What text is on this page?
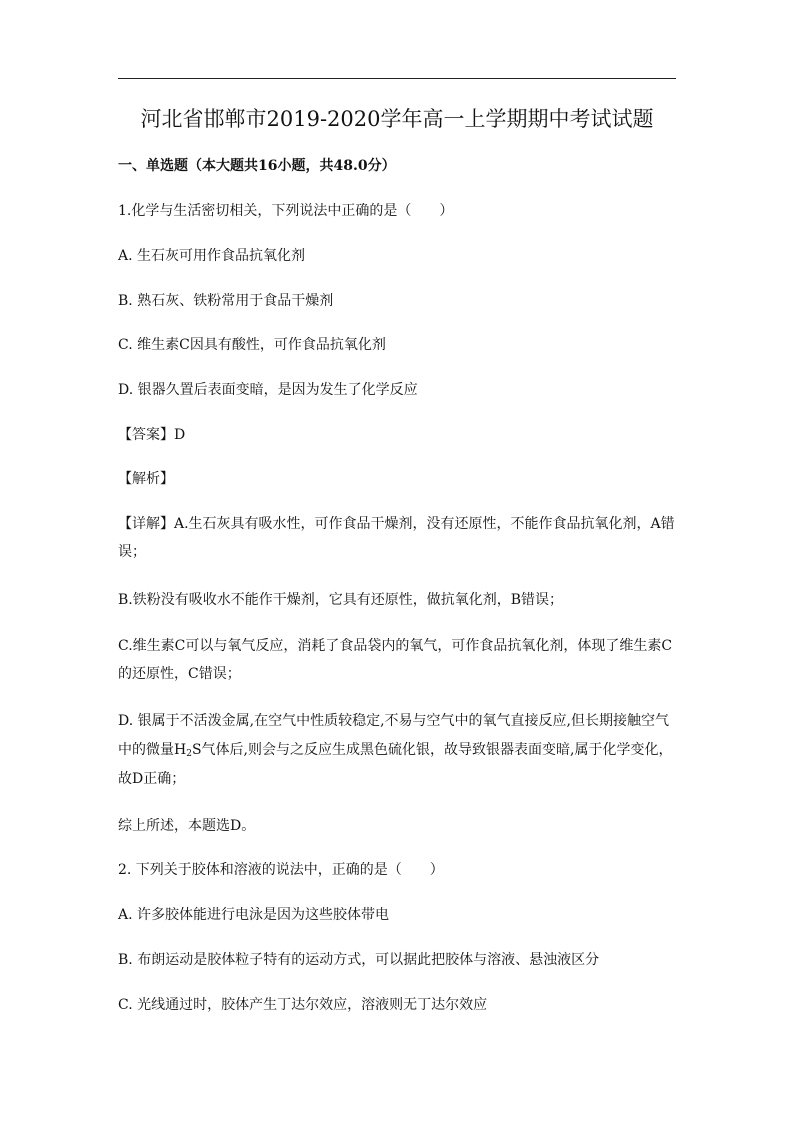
河北省邯郸市2019-2020学年高一上学期期中考试试题
一、单选题（本大题共16小题，共48.0分）
1.化学与生活密切相关，下列说法中正确的是（　　）
A. 生石灰可用作食品抗氧化剂
B. 熟石灰、铁粉常用于食品干燥剂
C. 维生素C因具有酸性，可作食品抗氧化剂
D. 银器久置后表面变暗，是因为发生了化学反应
【答案】D
【解析】
【详解】A.生石灰具有吸水性，可作食品干燥剂，没有还原性，不能作食品抗氧化剂，A错
误；
B.铁粉没有吸收水不能作干燥剂，它具有还原性，做抗氧化剂，B错误；
C.维生素C可以与氧气反应，消耗了食品袋内的氧气，可作食品抗氧化剂，体现了维生素C
的还原性，C错误；
D. 银属于不活泼金属,在空气中性质较稳定,不易与空气中的氧气直接反应,但长期接触空气
中的微量$H_2S$气体后,则会与之反应生成黑色硫化银，故导致银器表面变暗,属于化学变化，
故D正确；
综上所述，本题选D。
2. 下列关于胶体和溶液的说法中，正确的是（　　）
A. 许多胶体能进行电泳是因为这些胶体带电
B. 布朗运动是胶体粒子特有的运动方式，可以据此把胶体与溶液、悬浊液区分
C. 光线通过时，胶体产生丁达尔效应，溶液则无丁达尔效应
